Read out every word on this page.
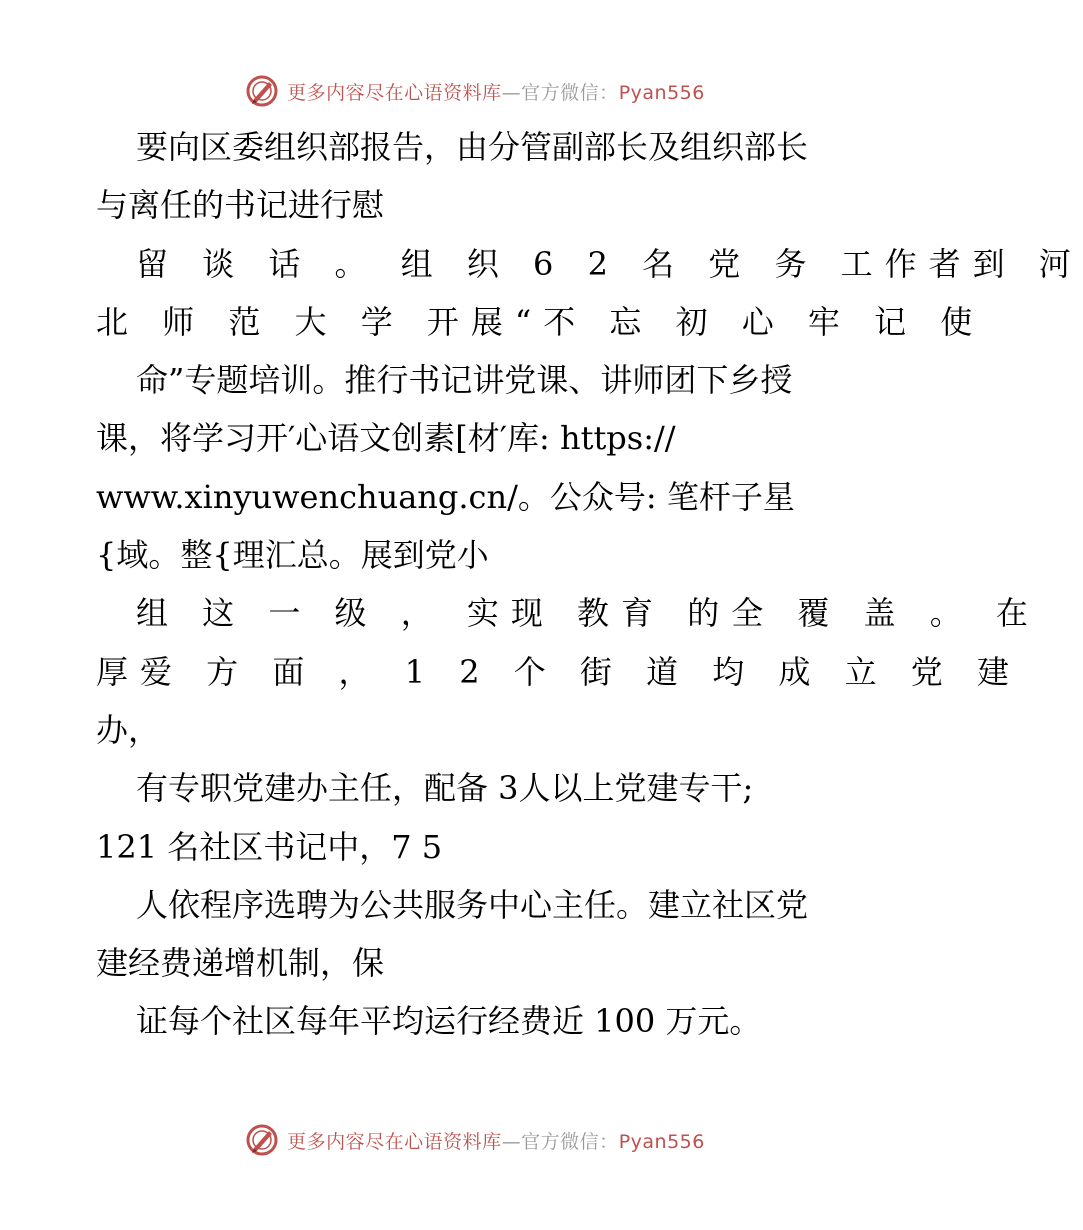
更多内容尽在心语资料库—官方微信：Pyan556
要向区委组织部报告，由分管副部长及组织部长
与离任的书记进行慰
留 谈 话 。 组 织 6 2 名 党 务 工作者到 河
北 师 范 大 学 开展“不 忘 初 心 牢 记 使
命”专题培训。推行书记讲党课、讲师团下乡授
课，将学习开′心语文创素[材′库: https://
www.xinyuwenchuang.cn/。公众号: 笔杆子星
{域。整{理汇总。展到党小
组 这 一 级 ， 实现 教育 的全 覆 盖 。 在
厚爱 方 面 ， 1 2 个 街 道 均 成 立 党 建
办，
有专职党建办主任，配备 3人以上党建专干;
121 名社区书记中，7 5
人依程序选聘为公共服务中心主任。建立社区党
建经费递增机制，保
证每个社区每年平均运行经费近 100 万元。
更多内容尽在心语资料库—官方微信：Pyan556
